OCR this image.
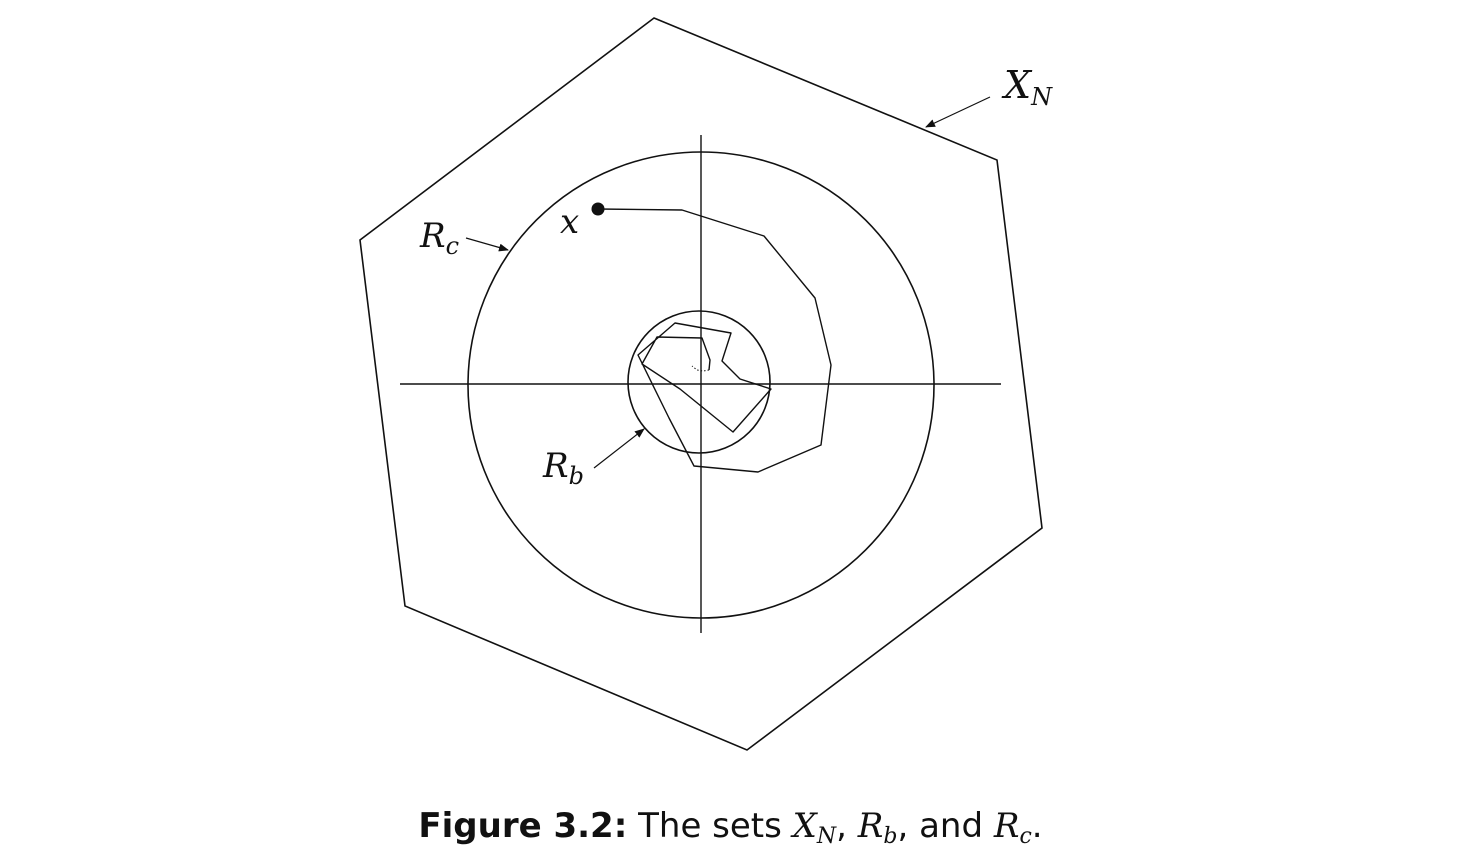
XN
$R_c$
x
$R_b$
Figure 3.2: The sets $X_N$, $R_b$, and $R_c$.
